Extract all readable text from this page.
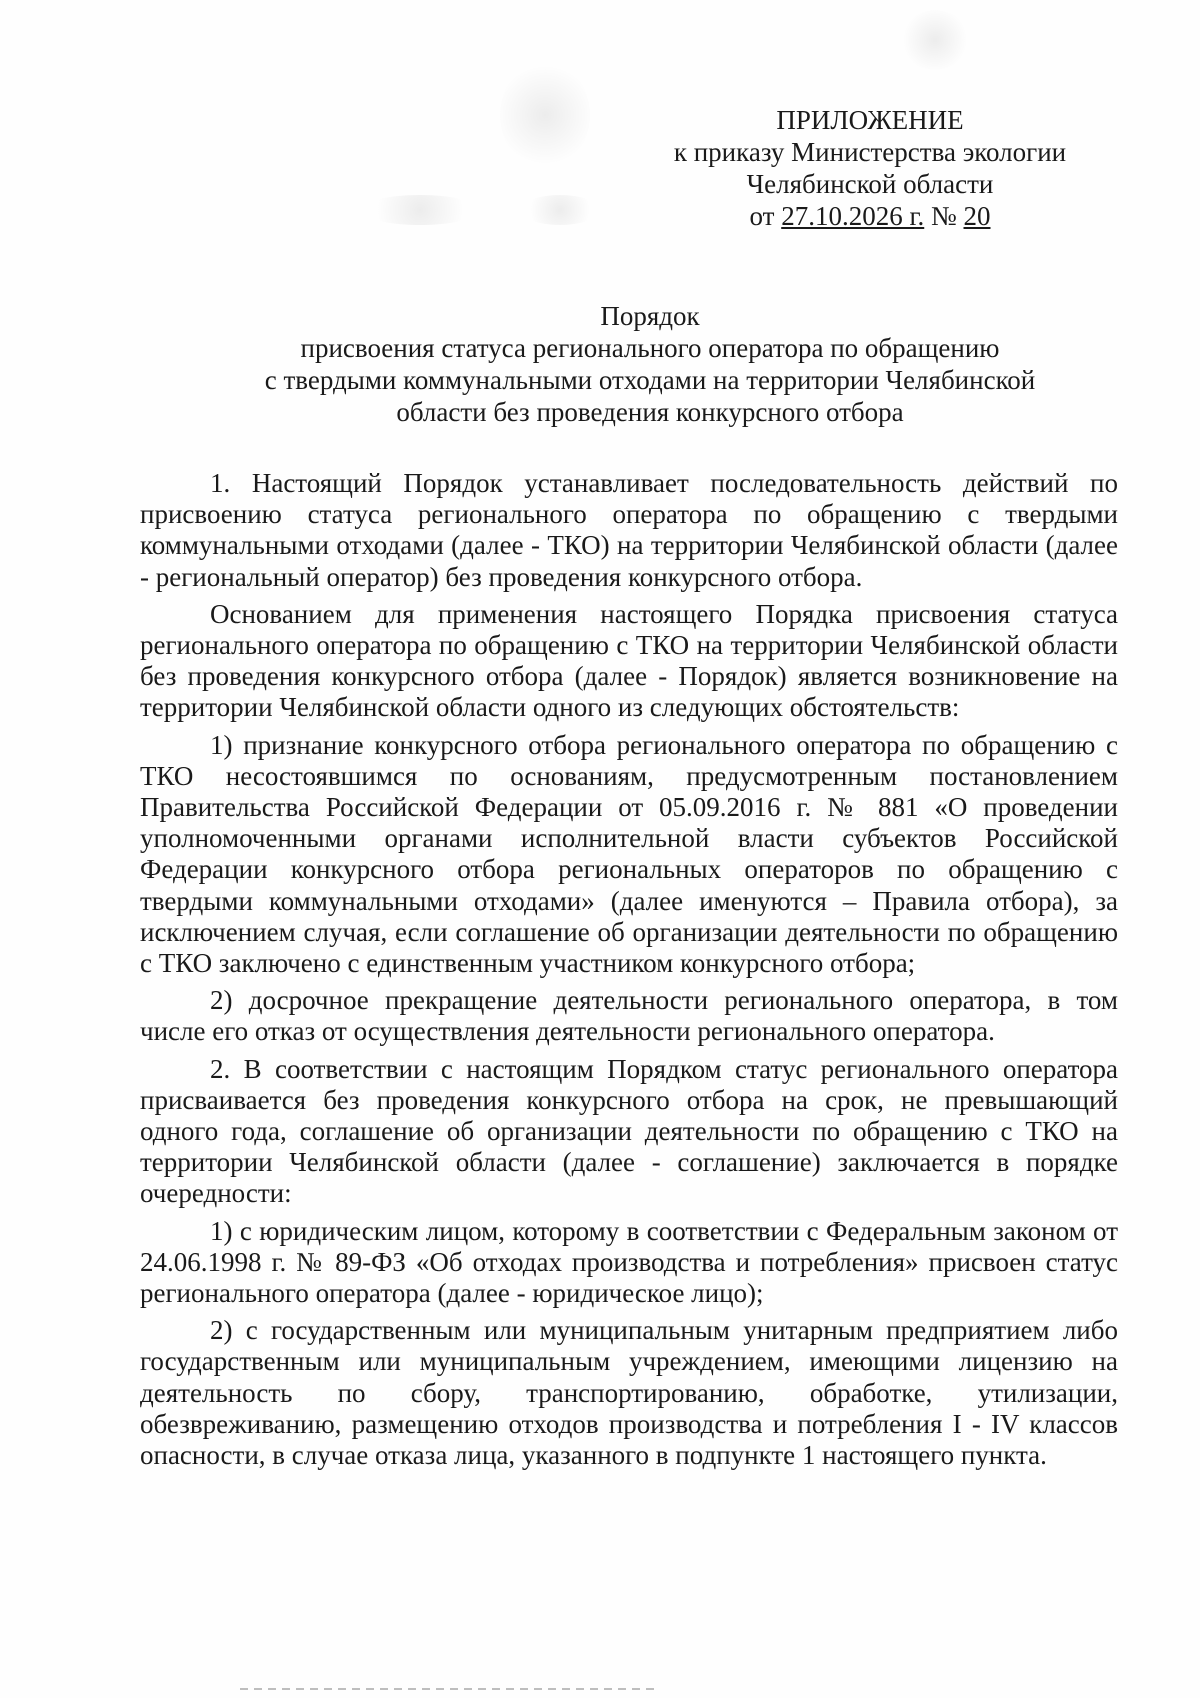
ПРИЛОЖЕНИЕ
к приказу Министерства экологии
Челябинской области
от 27.10.2026 г. № 20
Порядок
присвоения статуса регионального оператора по обращению
с твердыми коммунальными отходами на территории Челябинской
области без проведения конкурсного отбора

1. Настоящий Порядок устанавливает последовательность действий по присвоению статуса регионального оператора по обращению с твердыми коммунальными отходами (далее - ТКО) на территории Челябинской области (далее - региональный оператор) без проведения конкурсного отбора.

Основанием для применения настоящего Порядка присвоения статуса регионального оператора по обращению с ТКО на территории Челябинской области без проведения конкурсного отбора (далее - Порядок) является возникновение на территории Челябинской области одного из следующих обстоятельств:

1) признание конкурсного отбора регионального оператора по обращению с ТКО несостоявшимся по основаниям, предусмотренным постановлением Правительства Российской Федерации от 05.09.2016 г. № 881 «О проведении уполномоченными органами исполнительной власти субъектов Российской Федерации конкурсного отбора региональных операторов по обращению с твердыми коммунальными отходами» (далее именуются – Правила отбора), за исключением случая, если соглашение об организации деятельности по обращению с ТКО заключено с единственным участником конкурсного отбора;

2) досрочное прекращение деятельности регионального оператора, в том числе его отказ от осуществления деятельности регионального оператора.

2. В соответствии с настоящим Порядком статус регионального оператора присваивается без проведения конкурсного отбора на срок, не превышающий одного года, соглашение об организации деятельности по обращению с ТКО на территории Челябинской области (далее - соглашение) заключается в порядке очередности:

1) с юридическим лицом, которому в соответствии с Федеральным законом от 24.06.1998 г. № 89-ФЗ «Об отходах производства и потребления» присвоен статус регионального оператора (далее - юридическое лицо);

2) с государственным или муниципальным унитарным предприятием либо государственным или муниципальным учреждением, имеющими лицензию на деятельность по сбору, транспортированию, обработке, утилизации, обезвреживанию, размещению отходов производства и потребления I - IV классов опасности, в случае отказа лица, указанного в подпункте 1 настоящего пункта.
